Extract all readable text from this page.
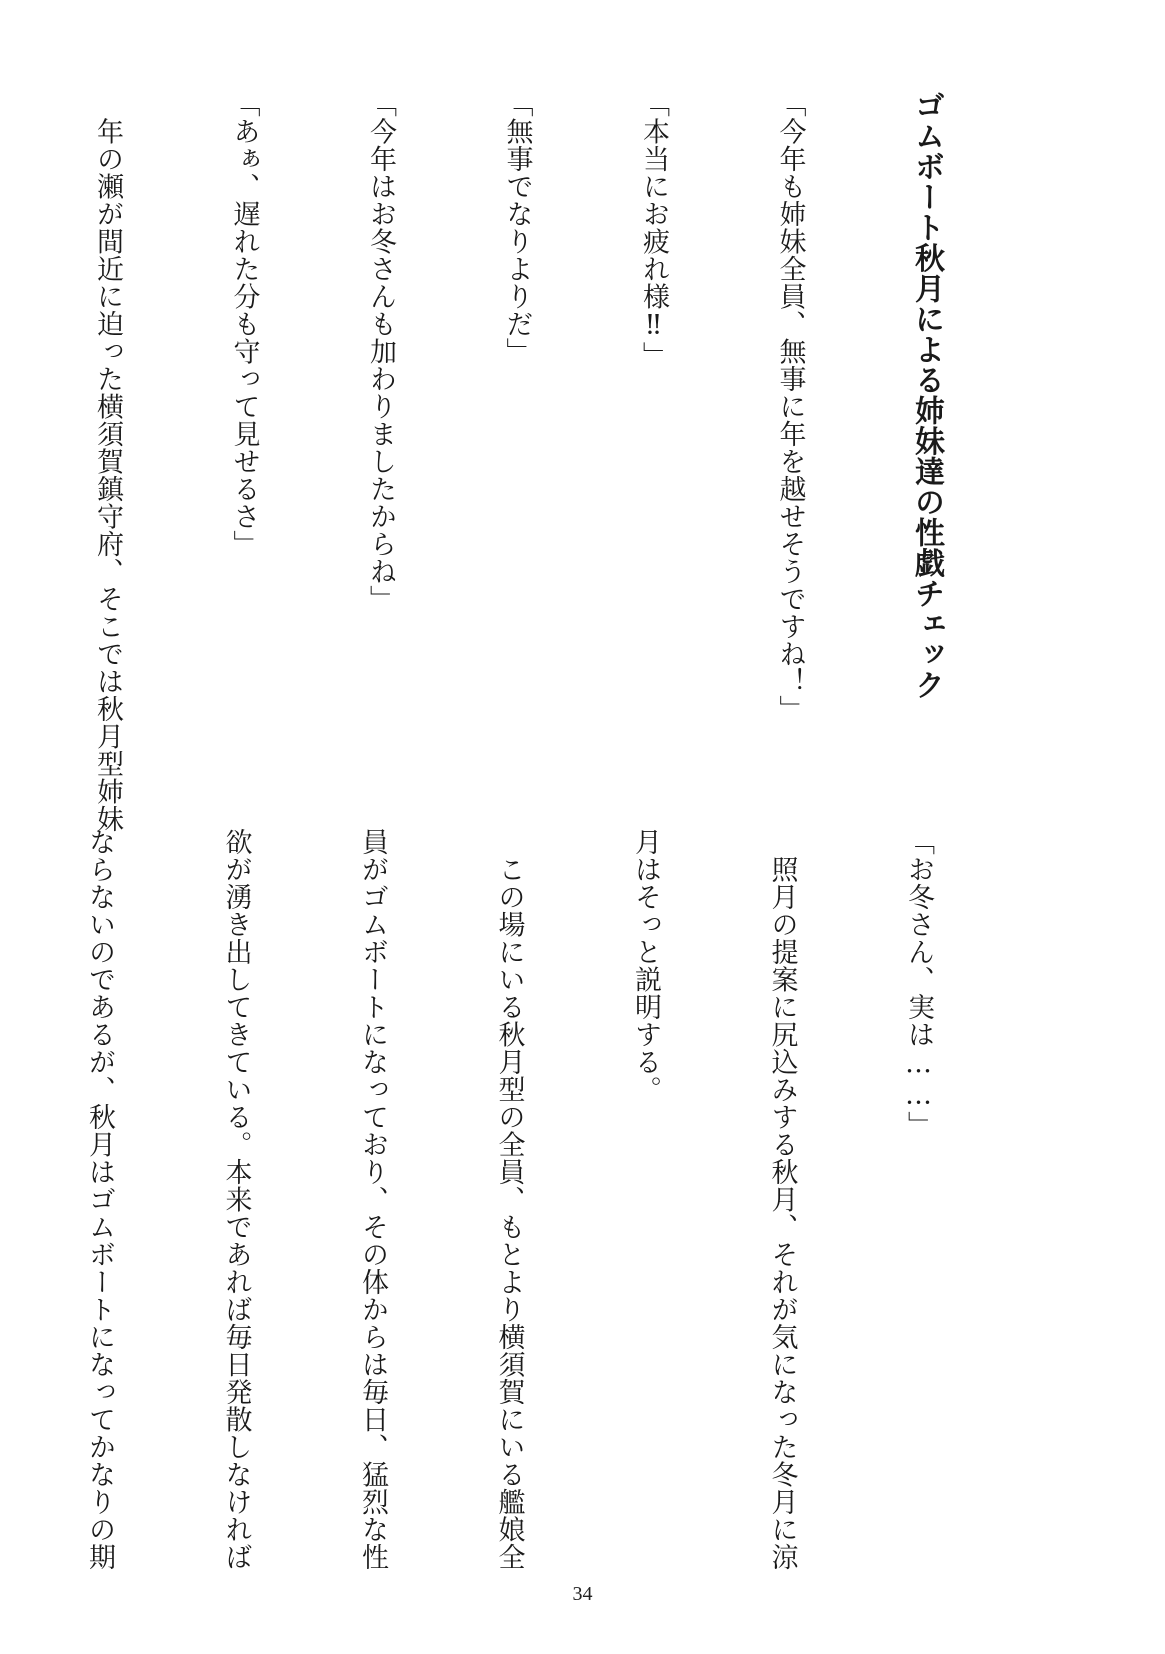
ゴムボート秋月による姉妹達の性戯チェック

「今年も姉妹全員、無事に年を越せそうですね！」

「本当にお疲れ様‼」

「無事でなりよりだ」

「今年はお冬さんも加わりましたからね」

「あぁ、遅れた分も守って見せるさ」

　年の瀬が間近に迫った横須賀鎮守府、そこでは秋月型姉妹

「お冬さん、実は……」

　照月の提案に尻込みする秋月、それが気になった冬月に涼

月はそっと説明する。

　この場にいる秋月型の全員、もとより横須賀にいる艦娘全

員がゴムボートになっており、その体からは毎日、猛烈な性

欲が湧き出してきている。本来であれば毎日発散しなければ

ならないのであるが、秋月はゴムボートになってかなりの期

34
